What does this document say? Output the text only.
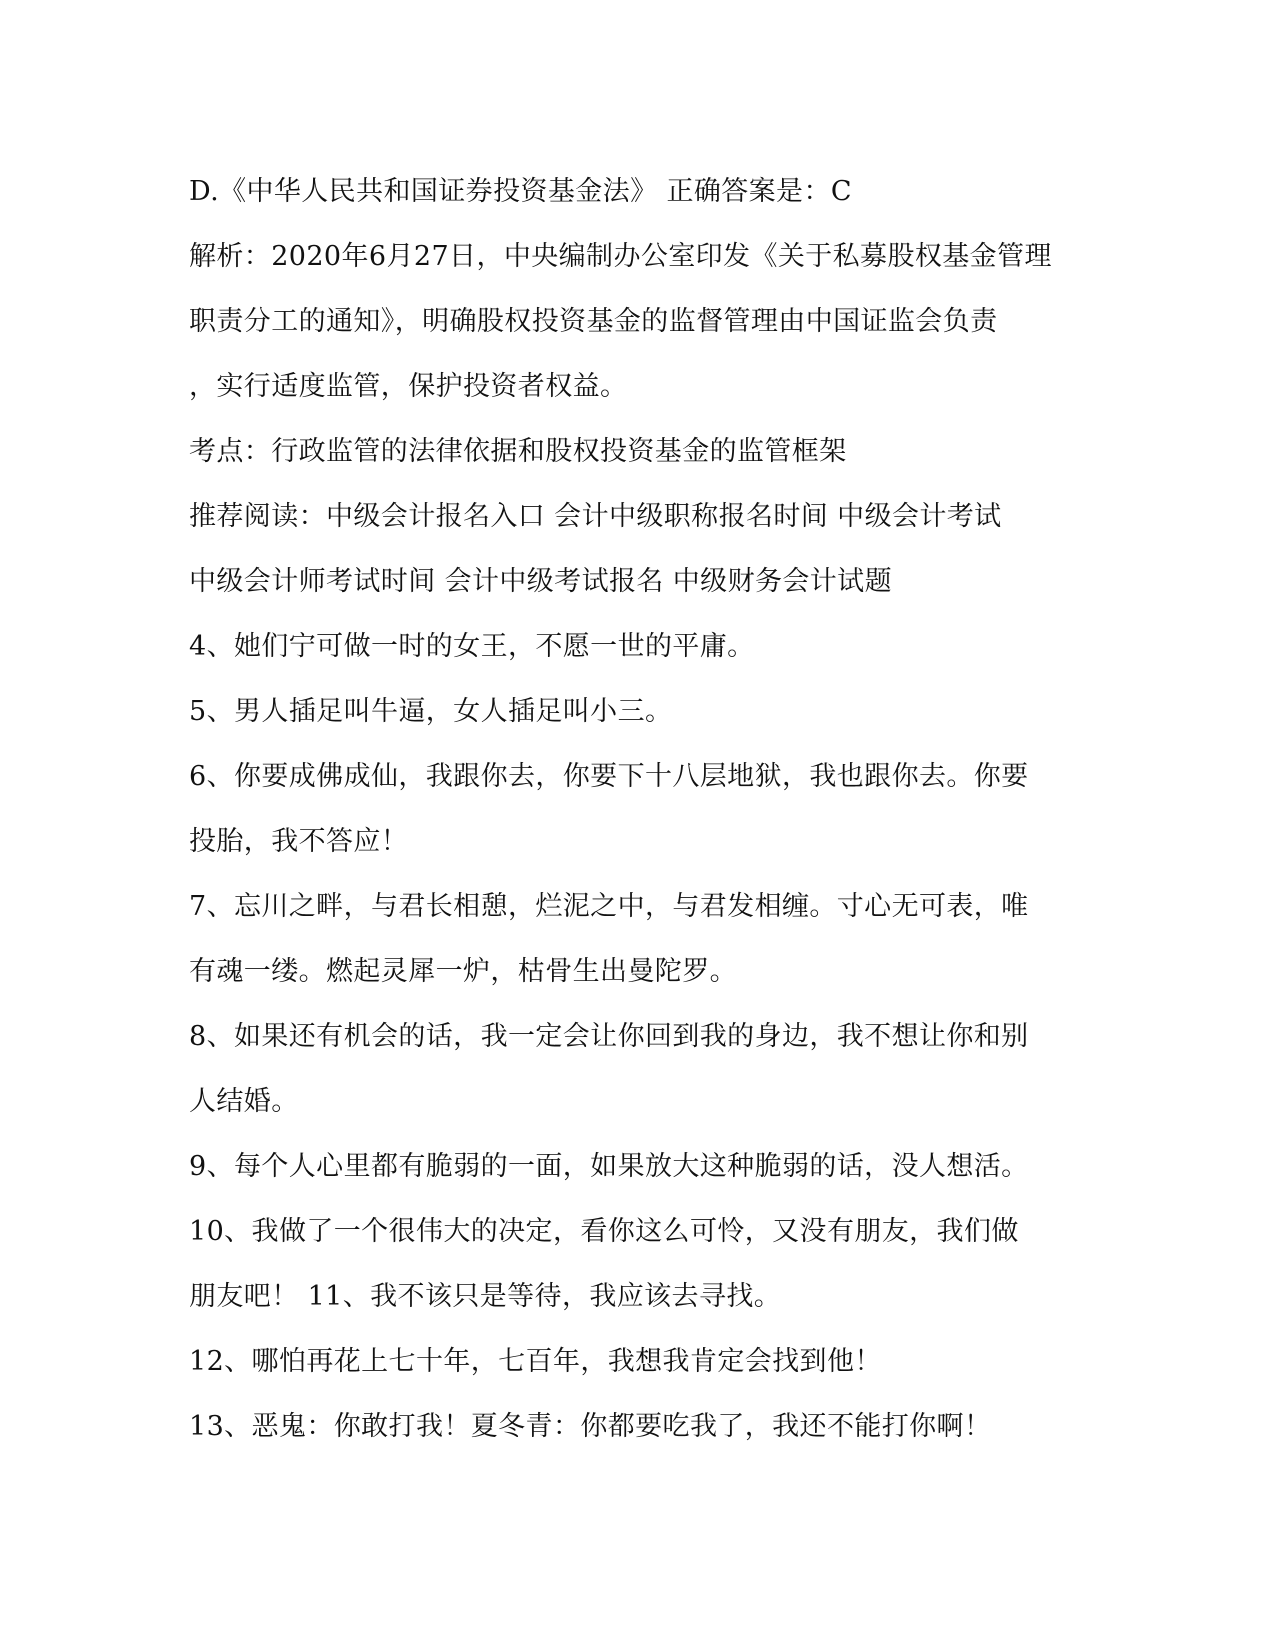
D.《中华人民共和国证券投资基金法》 正确答案是：C
解析：2020年6月27日，中央编制办公室印发《关于私募股权基金管理
职责分工的通知》，明确股权投资基金的监督管理由中国证监会负责
，实行适度监管，保护投资者权益。
考点：行政监管的法律依据和股权投资基金的监管框架
推荐阅读：中级会计报名入口 会计中级职称报名时间 中级会计考试
中级会计师考试时间 会计中级考试报名 中级财务会计试题
4、她们宁可做一时的女王，不愿一世的平庸。
5、男人插足叫牛逼，女人插足叫小三。
6、你要成佛成仙，我跟你去，你要下十八层地狱，我也跟你去。你要
投胎，我不答应！
7、忘川之畔，与君长相憩，烂泥之中，与君发相缠。寸心无可表，唯
有魂一缕。燃起灵犀一炉，枯骨生出曼陀罗。
8、如果还有机会的话，我一定会让你回到我的身边，我不想让你和别
人结婚。
9、每个人心里都有脆弱的一面，如果放大这种脆弱的话，没人想活。
10、我做了一个很伟大的决定，看你这么可怜，又没有朋友，我们做
朋友吧！ 11、我不该只是等待，我应该去寻找。
12、哪怕再花上七十年，七百年，我想我肯定会找到他！
13、恶鬼：你敢打我！夏冬青：你都要吃我了，我还不能打你啊！
